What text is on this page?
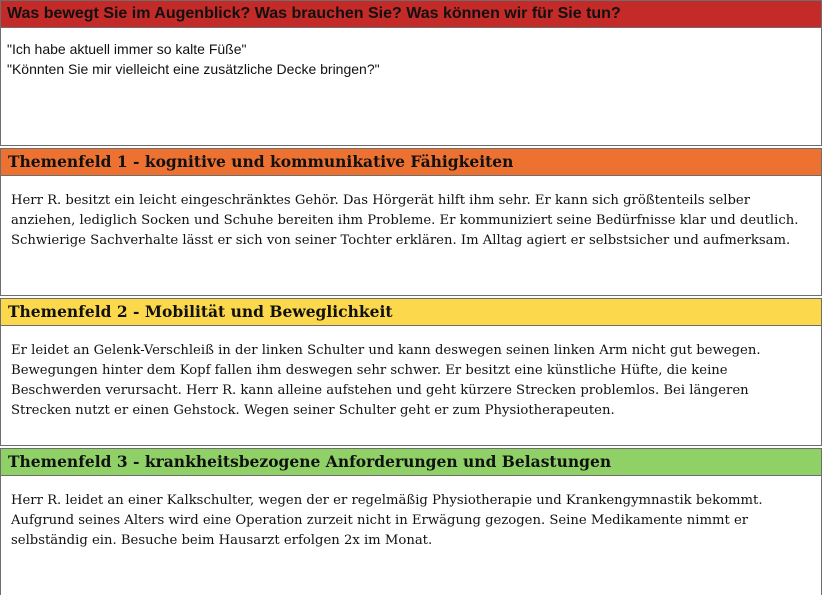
Was bewegt Sie im Augenblick? Was brauchen Sie? Was können wir für Sie tun?
"Ich habe aktuell immer so kalte Füße"
"Könnten Sie mir vielleicht eine zusätzliche Decke bringen?"
Themenfeld 1 - kognitive und kommunikative Fähigkeiten
Herr R. besitzt ein leicht eingeschränktes Gehör. Das Hörgerät hilft ihm sehr. Er kann sich größtenteils selber anziehen, lediglich Socken und Schuhe bereiten ihm Probleme. Er kommuniziert seine Bedürfnisse klar und deutlich. Schwierige Sachverhalte lässt er sich von seiner Tochter erklären. Im Alltag agiert er selbstsicher und aufmerksam.
Themenfeld 2 - Mobilität und Beweglichkeit
Er leidet an Gelenk-Verschleiß in der linken Schulter und kann deswegen seinen linken Arm nicht gut bewegen. Bewegungen hinter dem Kopf fallen ihm deswegen sehr schwer. Er besitzt eine künstliche Hüfte, die keine Beschwerden verursacht. Herr R. kann alleine aufstehen und geht kürzere Strecken problemlos. Bei längeren Strecken nutzt er einen Gehstock. Wegen seiner Schulter geht er zum Physiotherapeuten.
Themenfeld 3 - krankheitsbezogene Anforderungen und Belastungen
Herr R. leidet an einer Kalkschulter, wegen der er regelmäßig Physiotherapie und Krankengymnastik bekommt. Aufgrund seines Alters wird eine Operation zurzeit nicht in Erwägung gezogen. Seine Medikamente nimmt er selbständig ein. Besuche beim Hausarzt erfolgen 2x im Monat.
